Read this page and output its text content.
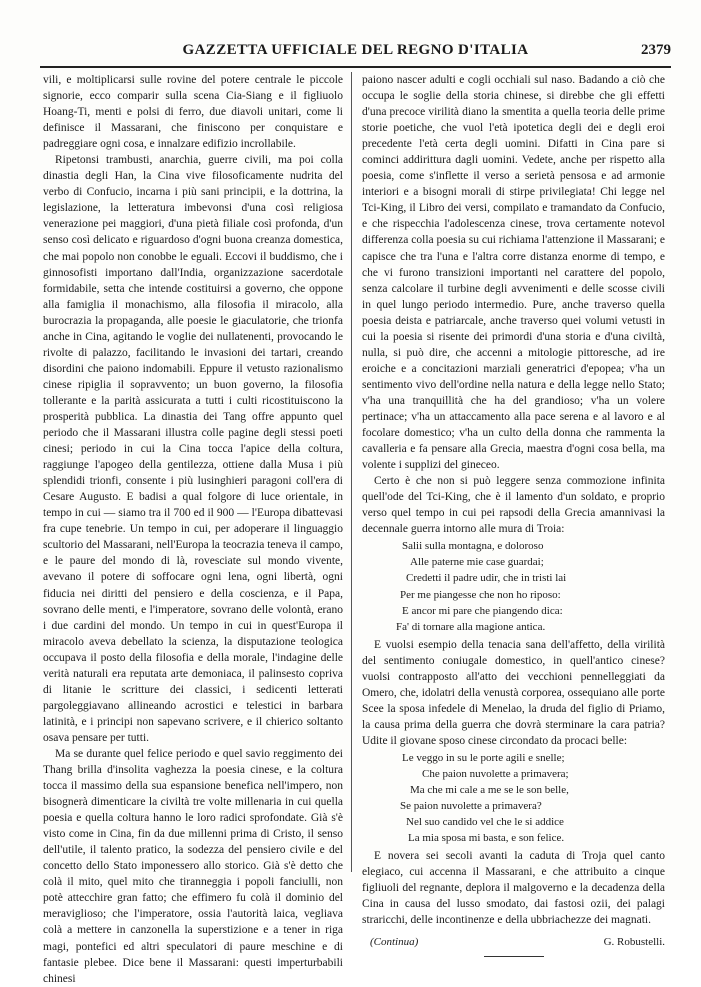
GAZZETTA UFFICIALE DEL REGNO D'ITALIA	2379

vili, e moltiplicarsi sulle rovine del potere centrale le piccole signorie, ecco comparir sulla scena Cia-Siang e il figliuolo Hoang-Ti, menti e polsi di ferro, due diavoli unitari, come li definisce il Massarani, che finiscono per conquistare e padreggiare ogni cosa, e innalzare edifizio incrollabile.

Ripetonsi trambusti, anarchia, guerre civili, ma poi colla dinastia degli Han, la Cina vive filosoficamente nudrita del verbo di Confucio, incarna i più sani principii, e la dottrina, la legislazione, la letteratura imbevonsi d'una così religiosa venerazione pei maggiori, d'una pietà filiale così profonda, d'un senso così delicato e riguardoso d'ogni buona creanza domestica, che mai popolo non conobbe le eguali. Eccovi il buddismo, che i ginnosofisti importano dall'India, organizzazione sacerdotale formidabile, setta che intende costituirsi a governo, che oppone alla famiglia il monachismo, alla filosofia il miracolo, alla burocrazia la propaganda, alle poesie le giaculatorie, che trionfa anche in Cina, agitando le voglie dei nullatenenti, provocando le rivolte di palazzo, facilitando le invasioni dei tartari, creando disordini che paiono indomabili. Eppure il vetusto razionalismo cinese ripiglia il sopravvento; un buon governo, la filosofia tollerante e la parità assicurata a tutti i culti ricostituiscono la prosperità pubblica. La dinastia dei Tang offre appunto quel periodo che il Massarani illustra colle pagine degli stessi poeti cinesi; periodo in cui la Cina tocca l'apice della coltura, raggiunge l'apogeo della gentilezza, ottiene dalla Musa i più splendidi trionfi, consente i più lusinghieri paragoni coll'era di Cesare Augusto. E badisi a qual folgore di luce orientale, in tempo in cui — siamo tra il 700 ed il 900 — l'Europa dibattevasi fra cupe tenebrie. Un tempo in cui, per adoperare il linguaggio scultorio del Massarani, nell'Europa la teocrazia teneva il campo, e le paure del mondo di là, rovesciate sul mondo vivente, avevano il potere di soffocare ogni lena, ogni libertà, ogni fiducia nei diritti del pensiero e della coscienza, e il Papa, sovrano delle menti, e l'imperatore, sovrano delle volontà, erano i due cardini del mondo. Un tempo in cui in quest'Europa il miracolo aveva debellato la scienza, la disputazione teologica occupava il posto della filosofia e della morale, l'indagine delle verità naturali era reputata arte demoniaca, il palinsesto copriva di litanie le scritture dei classici, i sedicenti letterati pargoleggiavano allineando acrostici e telestici in barbara latinità, e i principi non sapevano scrivere, e il chierico soltanto osava pensare per tutti.

Ma se durante quel felice periodo e quel savio reggimento dei Thang brilla d'insolita vaghezza la poesia cinese, e la coltura tocca il massimo della sua espansione benefica nell'impero, non bisognerà dimenticare la civiltà tre volte millenaria in cui quella poesia e quella coltura hanno le loro radici sprofondate. Già s'è visto come in Cina, fin da due millenni prima di Cristo, il senso dell'utile, il talento pratico, la sodezza del pensiero civile e del concetto dello Stato imponessero allo storico. Già s'è detto che colà il mito, quel mito che tiranneggia i popoli fanciulli, non potè attecchire gran fatto; che effimero fu colà il dominio del meraviglioso; che l'imperatore, ossia l'autorità laica, vegliava colà a mettere in canzonella la superstizione e a tener in riga magi, pontefici ed altri speculatori di paure meschine e di fantasie plebee. Dice bene il Massarani: questi imperturbabili chinesi

paiono nascer adulti e cogli occhiali sul naso. Badando a ciò che occupa le soglie della storia chinese, si direbbe che gli effetti d'una precoce virilità diano la smentita a quella teoria delle prime storie poetiche, che vuol l'età ipotetica degli dei e degli eroi precedente l'età certa degli uomini. Difatti in Cina pare si cominci addirittura dagli uomini. Vedete, anche per rispetto alla poesia, come s'inflette il verso a serietà pensosa e ad armonie interiori e a bisogni morali di stirpe privilegiata! Chi legge nel Tci-King, il Libro dei versi, compilato e tramandato da Confucio, e che rispecchia l'adolescenza cinese, trova certamente notevol differenza colla poesia su cui richiama l'attenzione il Massarani; e capisce che tra l'una e l'altra corre distanza enorme di tempo, e che vi furono transizioni importanti nel carattere del popolo, senza calcolare il turbine degli avvenimenti e delle scosse civili in quel lungo periodo intermedio. Pure, anche traverso quella poesia deista e patriarcale, anche traverso quei volumi vetusti in cui la poesia si risente dei primordi d'una storia e d'una civiltà, nulla, si può dire, che accenni a mitologie pittoresche, ad ire eroiche e a concitazioni marziali generatrici d'epopea; v'ha un sentimento vivo dell'ordine nella natura e della legge nello Stato; v'ha una tranquillità che ha del grandioso; v'ha un volere pertinace; v'ha un attaccamento alla pace serena e al lavoro e al focolare domestico; v'ha un culto della donna che rammenta la cavalleria e fa pensare alla Grecia, maestra d'ogni cosa bella, ma volente i supplizi del gineceo.

Certo è che non si può leggere senza commozione infinita quell'ode del Tci-King, che è il lamento d'un soldato, e proprio verso quel tempo in cui pei rapsodi della Grecia amannivasi la decennale guerra intorno alle mura di Troia:

Salii sulla montagna, e doloroso
Alle paterne mie case guardai;
Credetti il padre udir, che in tristi lai
Per me piangesse che non ho riposo:
E ancor mi pare che piangendo dica:
Fa' di tornare alla magione antica.

E vuolsi esempio della tenacia sana dell'affetto, della virilità del sentimento coniugale domestico, in quell'antico cinese? vuolsi contrapposto all'atto dei vecchioni pennelleggiati da Omero, che, idolatri della venustà corporea, ossequiano alle porte Scee la sposa infedele di Menelao, la druda del figlio di Priamo, la causa prima della guerra che dovrà sterminare la cara patria? Udite il giovane sposo cinese circondato da procaci belle:

Le veggo in su le porte agili e snelle;
Che paion nuvolette a primavera;
Ma che mi cale a me se le son belle,
Se paion nuvolette a primavera?
Nel suo candido vel che le si addice
La mia sposa mi basta, e son felice.

E novera sei secoli avanti la caduta di Troja quel canto elegiaco, cui accenna il Massarani, e che attribuito a cinque figliuoli del regnante, deplora il malgoverno e la decadenza della Cina in causa del lusso smodato, dai fastosi ozii, dei palagi straricchi, delle incontinenze e della ubbriachezze dei magnati.

(Continua)	G. Robustelli.
